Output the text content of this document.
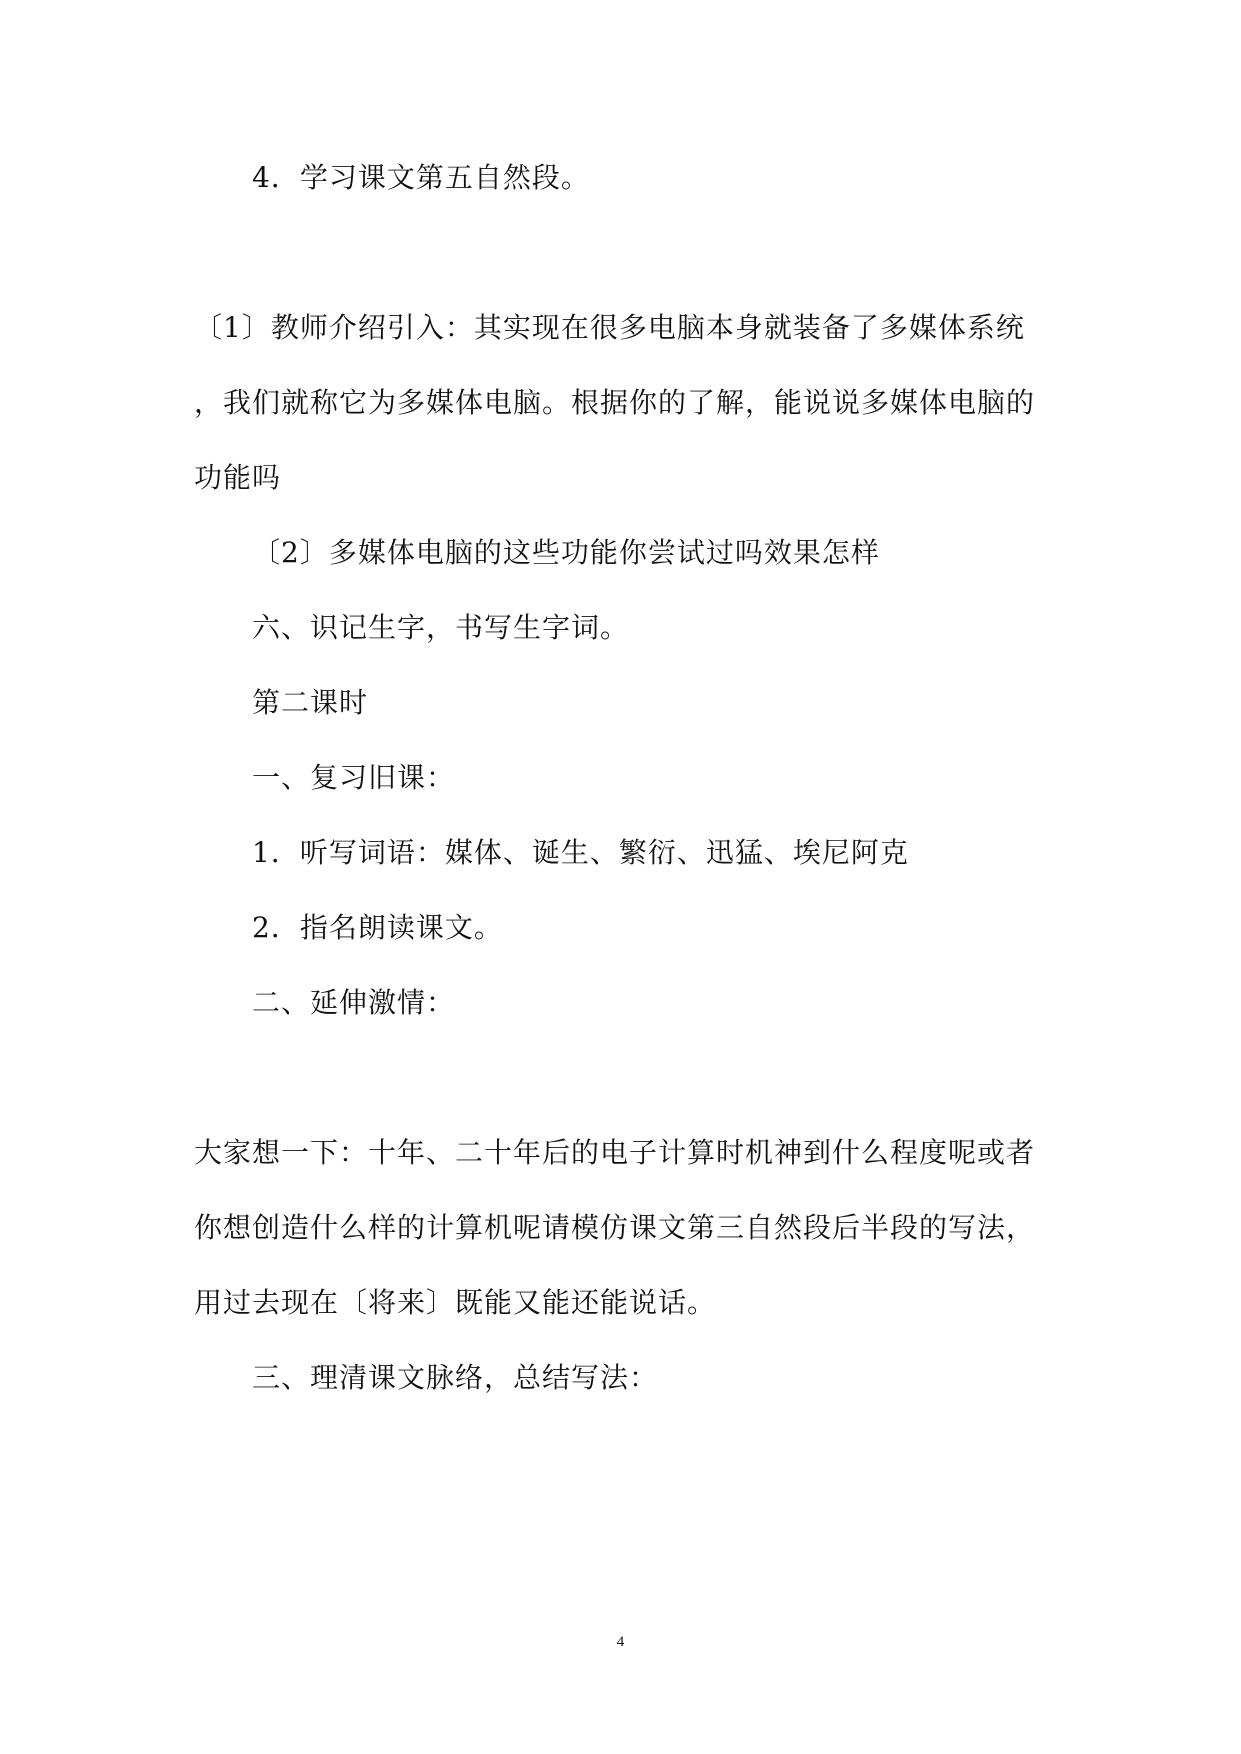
4．学习课文第五自然段。
〔1〕教师介绍引入：其实现在很多电脑本身就装备了多媒体系统
，我们就称它为多媒体电脑。根据你的了解，能说说多媒体电脑的
功能吗
〔2〕多媒体电脑的这些功能你尝试过吗效果怎样
六、识记生字，书写生字词。
第二课时
一、复习旧课：
1．听写词语：媒体、诞生、繁衍、迅猛、埃尼阿克
2．指名朗读课文。
二、延伸激情：
大家想一下：十年、二十年后的电子计算时机神到什么程度呢或者
你想创造什么样的计算机呢请模仿课文第三自然段后半段的写法，
用过去现在〔将来〕既能又能还能说话。
三、理清课文脉络，总结写法：
4
